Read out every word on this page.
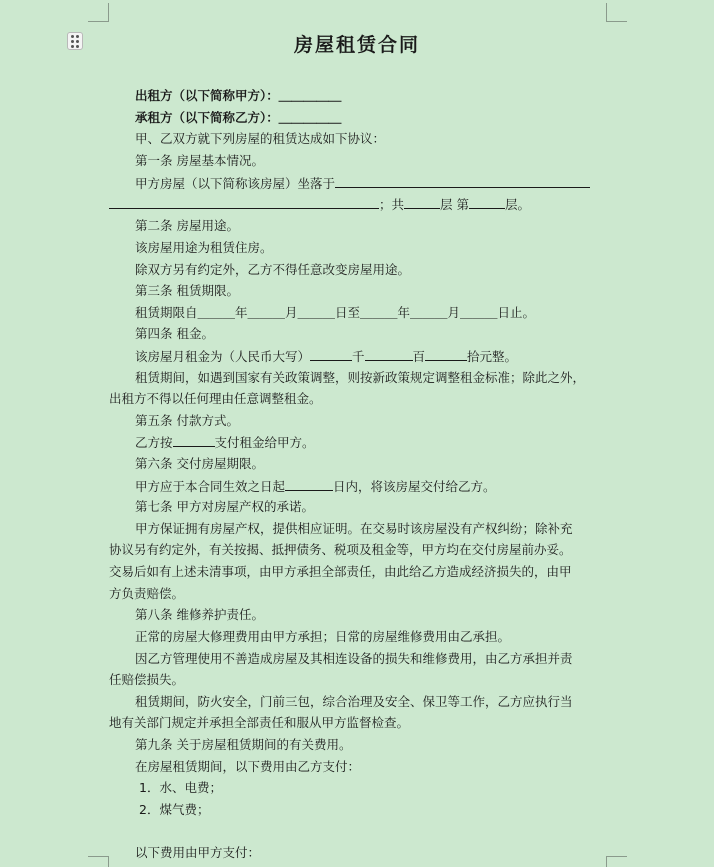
房屋租赁合同
出租方（以下简称甲方）：＿＿＿＿＿
承租方（以下简称乙方）：＿＿＿＿＿
甲、乙双方就下列房屋的租赁达成如下协议：
第一条 房屋基本情况。
甲方房屋（以下简称该房屋）坐落于
；共	层 第	层。
第二条 房屋用途。
该房屋用途为租赁住房。
除双方另有约定外，乙方不得任意改变房屋用途。
第三条 租赁期限。
租赁期限自＿＿＿年＿＿＿月＿＿＿日至＿＿＿年＿＿＿月＿＿＿日止。
第四条 租金。
该房屋月租金为（人民币大写）	千	百	拾元整。
租赁期间，如遇到国家有关政策调整，则按新政策规定调整租金标准；除此之外，
出租方不得以任何理由任意调整租金。
第五条 付款方式。
乙方按	支付租金给甲方。
第六条 交付房屋期限。
甲方应于本合同生效之日起	日内，将该房屋交付给乙方。
第七条 甲方对房屋产权的承诺。
甲方保证拥有房屋产权，提供相应证明。在交易时该房屋没有产权纠纷；除补充
协议另有约定外，有关按揭、抵押债务、税项及租金等，甲方均在交付房屋前办妥。
交易后如有上述未清事项，由甲方承担全部责任，由此给乙方造成经济损失的，由甲
方负责赔偿。
第八条 维修养护责任。
正常的房屋大修理费用由甲方承担；日常的房屋维修费用由乙承担。
因乙方管理使用不善造成房屋及其相连设备的损失和维修费用，由乙方承担并责
任赔偿损失。
租赁期间，防火安全，门前三包，综合治理及安全、保卫等工作，乙方应执行当
地有关部门规定并承担全部责任和服从甲方监督检查。
第九条 关于房屋租赁期间的有关费用。
在房屋租赁期间，以下费用由乙方支付：
1．水、电费；
2．煤气费；
以下费用由甲方支付：
